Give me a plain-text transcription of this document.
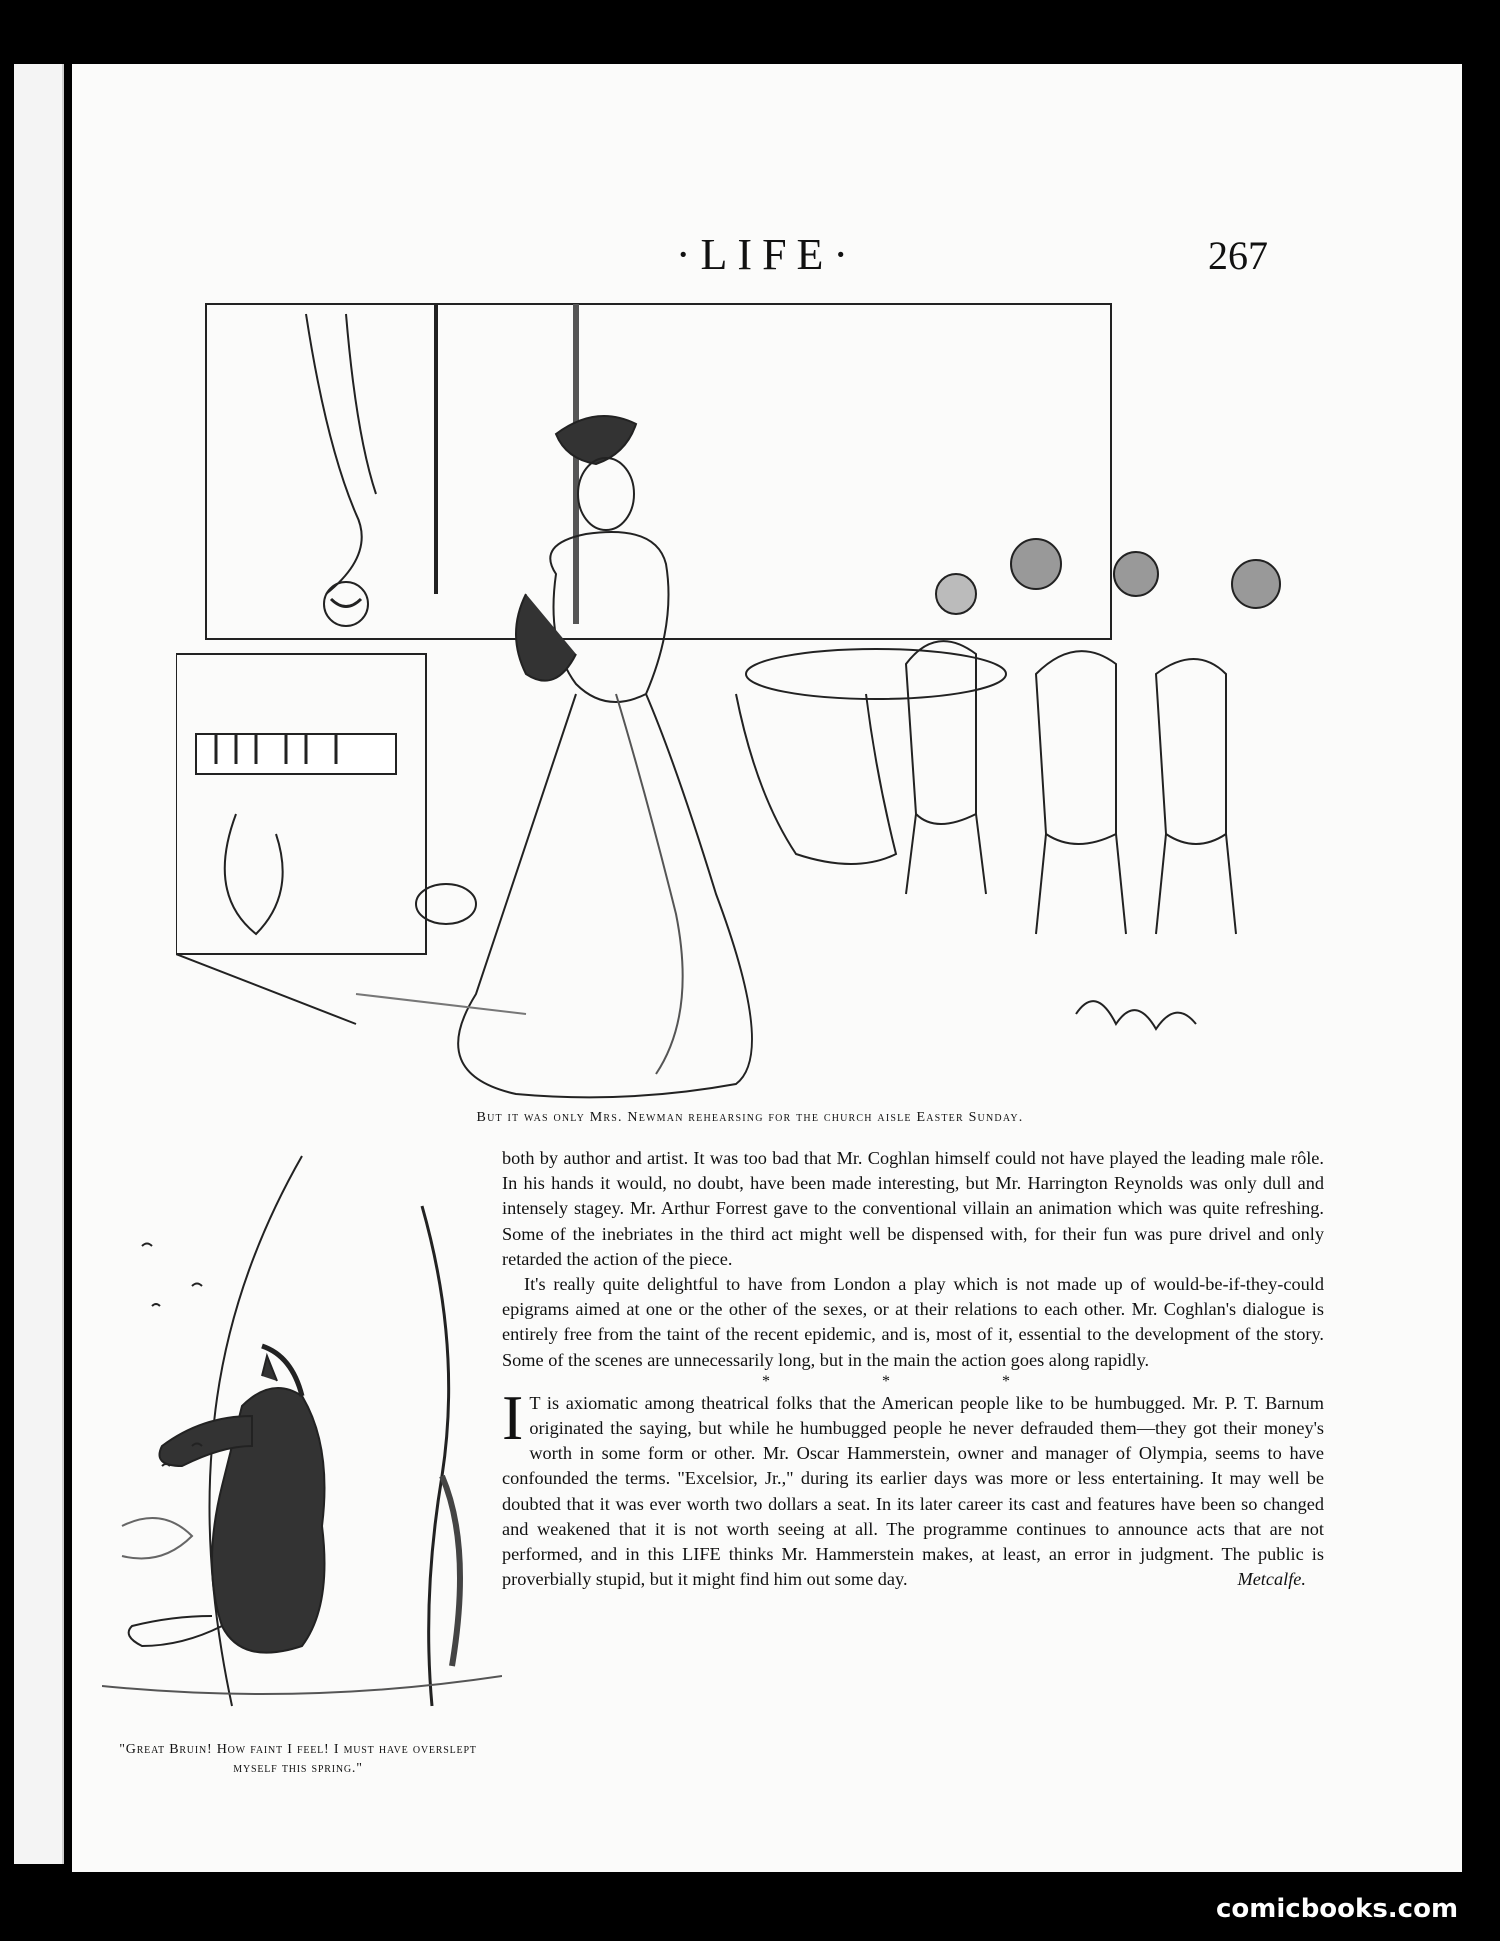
·LIFE·	267
But it was only Mrs. Newman rehearsing for the church aisle Easter Sunday.
"Great Bruin! How faint I feel! I must have overslept myself this spring."

both by author and artist. It was too bad that Mr. Coghlan himself could not have played the leading male rôle. In his hands it would, no doubt, have been made interesting, but Mr. Harrington Reynolds was only dull and intensely stagey. Mr. Arthur Forrest gave to the conventional villain an animation which was quite refreshing. Some of the inebriates in the third act might well be dispensed with, for their fun was pure drivel and only retarded the action of the piece.

It's really quite delightful to have from London a play which is not made up of would-be-if-they-could epigrams aimed at one or the other of the sexes, or at their relations to each other. Mr. Coghlan's dialogue is entirely free from the taint of the recent epidemic, and is, most of it, essential to the development of the story. Some of the scenes are unnecessarily long, but in the main the action goes along rapidly.

* * *

I T is axiomatic among theatrical folks that the American people like to be humbugged. Mr. P. T. Barnum originated the saying, but while he humbugged people he never defrauded them—they got their money's worth in some form or other. Mr. Oscar Hammerstein, owner and manager of Olympia, seems to have confounded the terms. "Excelsior, Jr.," during its earlier days was more or less entertaining. It may well be doubted that it was ever worth two dollars a seat. In its later career its cast and features have been so changed and weakened that it is not worth seeing at all. The programme continues to announce acts that are not performed, and in this LIFE thinks Mr. Hammerstein makes, at least, an error in judgment. The public is proverbially stupid, but it might find him out some day.	Metcalfe.

comicbooks.com
